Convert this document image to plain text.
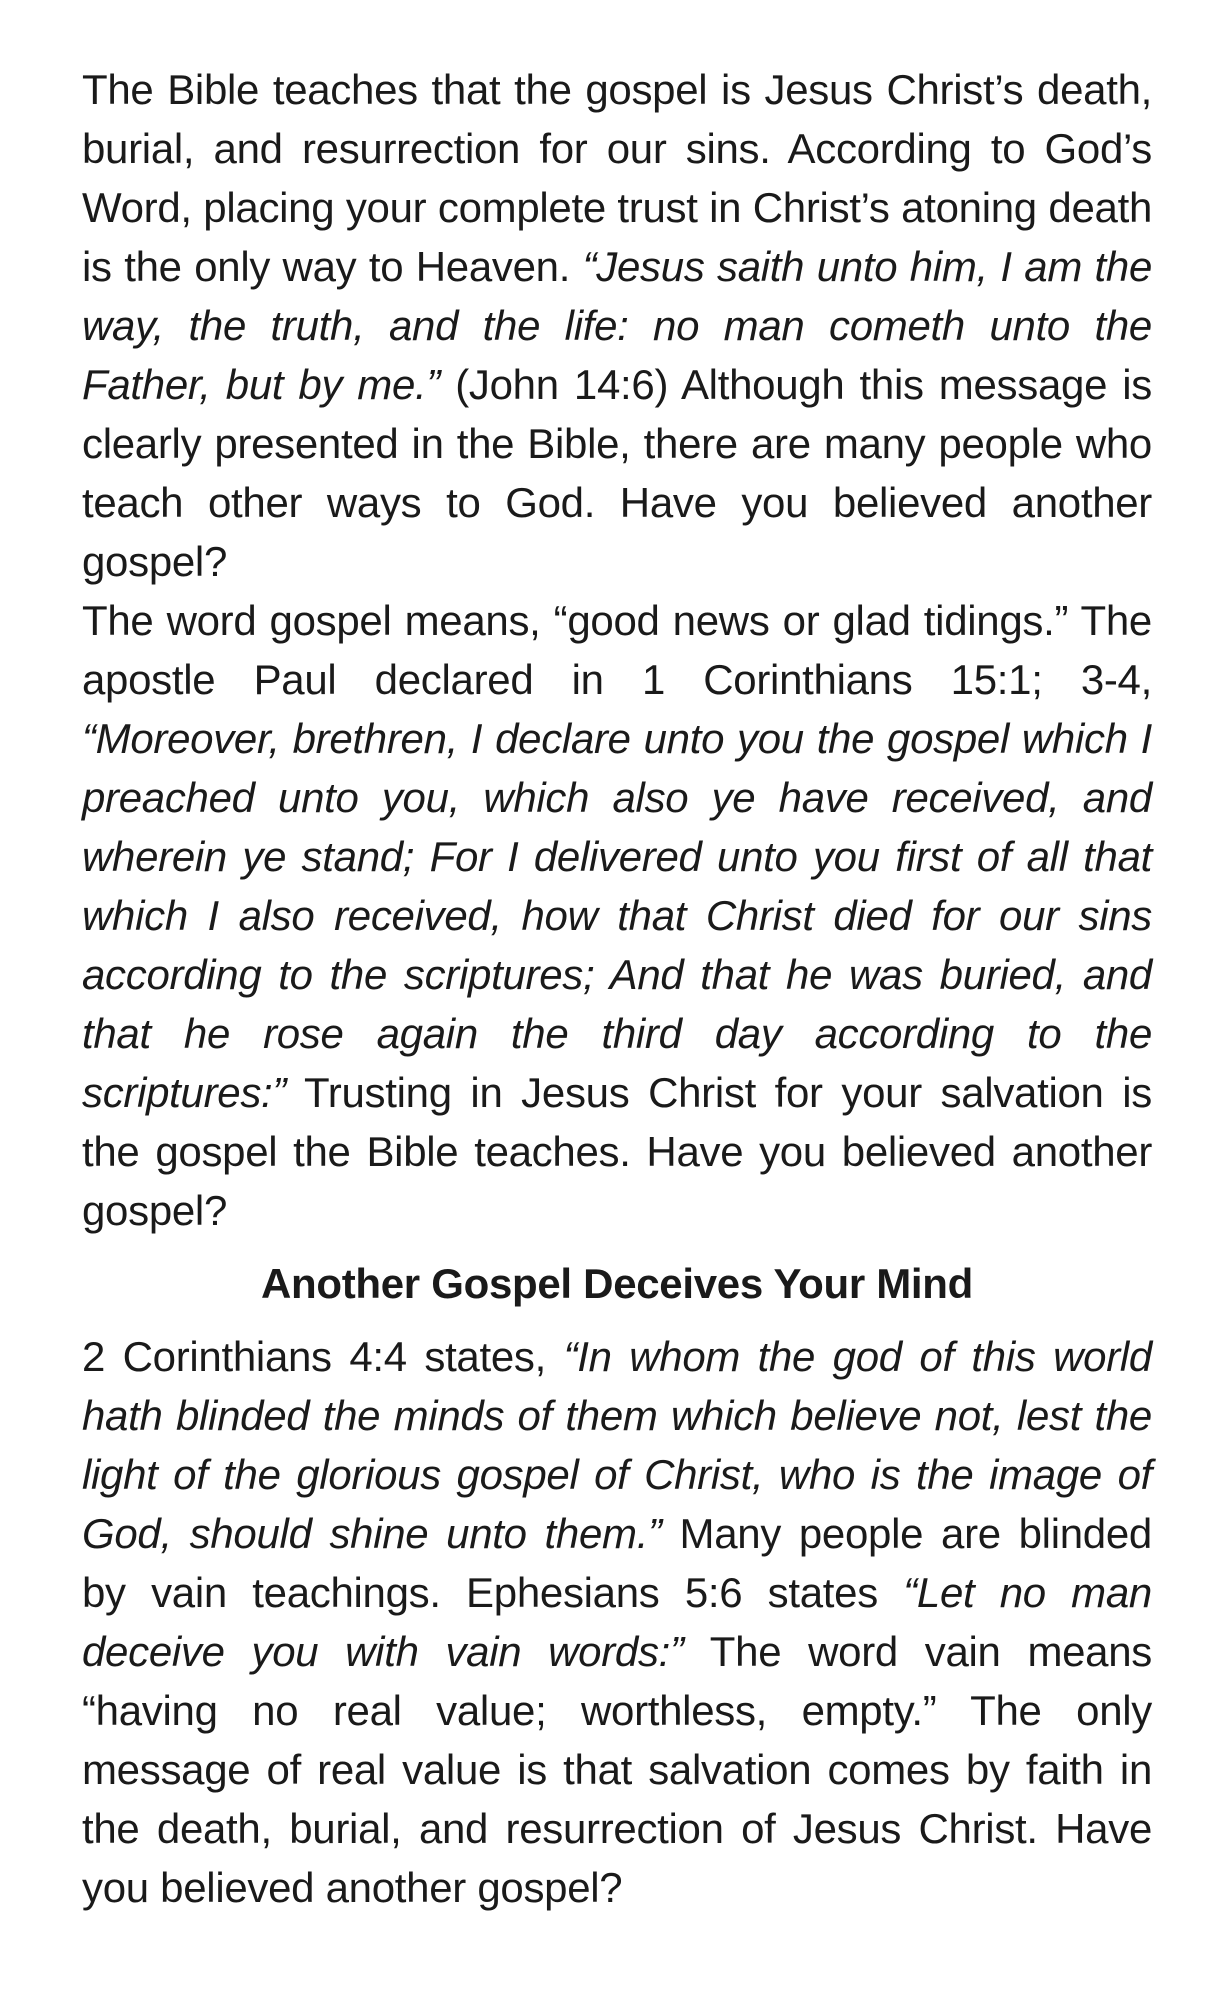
The Bible teaches that the gospel is Jesus Christ’s death, burial, and resurrection for our sins. According to God’s Word, placing your complete trust in Christ’s atoning death is the only way to Heaven. “Jesus saith unto him, I am the way, the truth, and the life: no man cometh unto the Father, but by me.” (John 14:6) Although this message is clearly presented in the Bible, there are many people who teach other ways to God. Have you believed another gospel?

The word gospel means, “good news or glad tidings.” The apostle Paul declared in 1 Corinthians 15:1; 3-4, “Moreover, brethren, I declare unto you the gospel which I preached unto you, which also ye have received, and wherein ye stand; For I delivered unto you first of all that which I also received, how that Christ died for our sins according to the scriptures; And that he was buried, and that he rose again the third day according to the scriptures:” Trusting in Jesus Christ for your salvation is the gospel the Bible teaches. Have you believed another gospel?

Another Gospel Deceives Your Mind

2 Corinthians 4:4 states, “In whom the god of this world hath blinded the minds of them which believe not, lest the light of the glorious gospel of Christ, who is the image of God, should shine unto them.” Many people are blinded by vain teachings. Ephesians 5:6 states “Let no man deceive you with vain words:” The word vain means “having no real value; worthless, empty.” The only message of real value is that salvation comes by faith in the death, burial, and resurrection of Jesus Christ. Have you believed another gospel?
